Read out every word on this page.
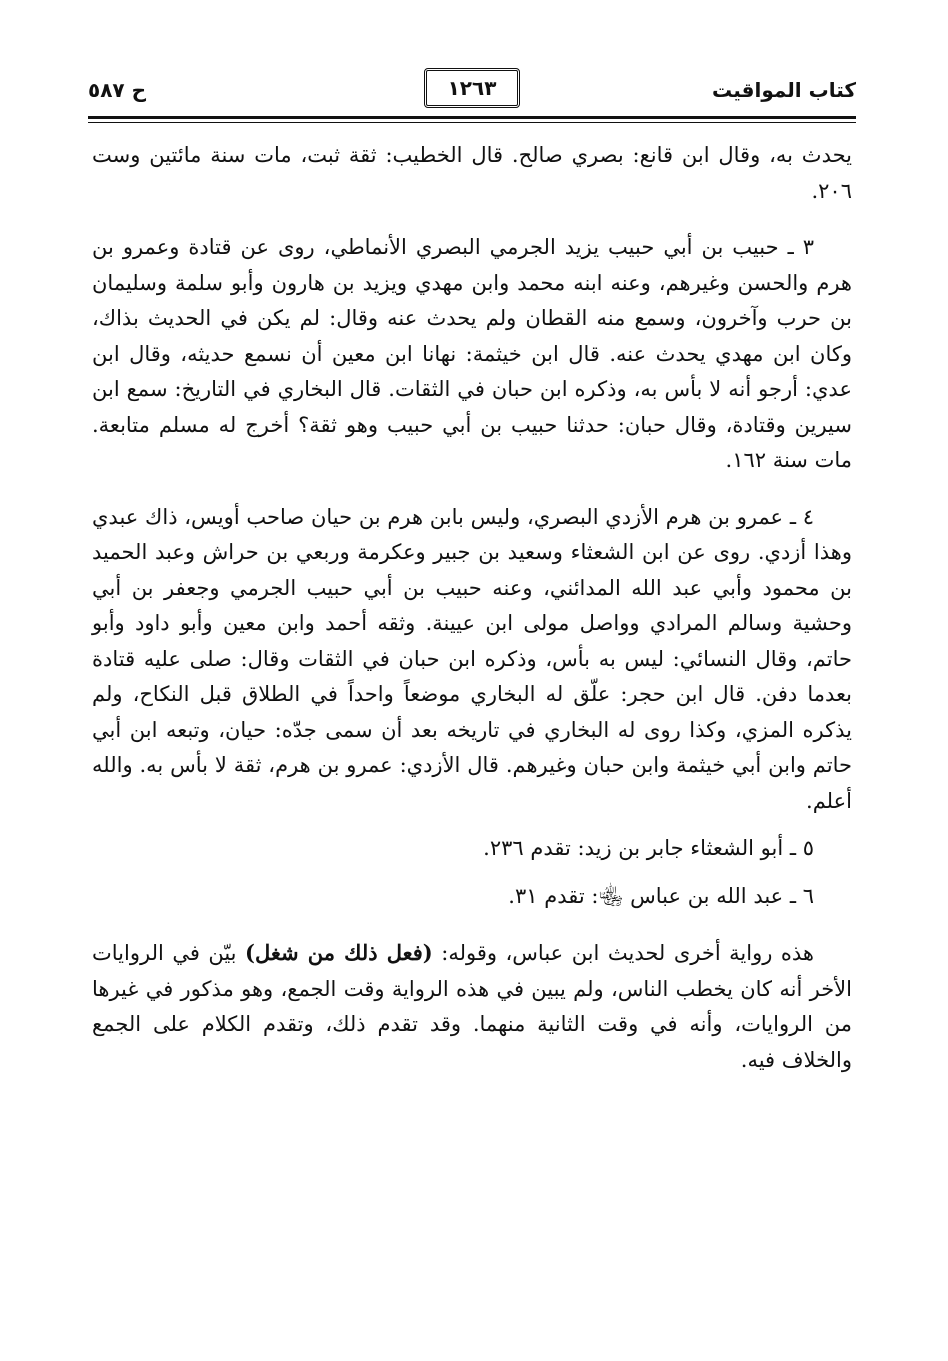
كتاب المواقيت
١٢٦٣
ح ٥٨٧

يحدث به، وقال ابن قانع: بصري صالح. قال الخطيب: ثقة ثبت، مات سنة مائتين وست ٢٠٦.

٣ ـ حبيب بن أبي حبيب يزيد الجرمي البصري الأنماطي، روى عن قتادة وعمرو بن هرم والحسن وغيرهم، وعنه ابنه محمد وابن مهدي ويزيد بن هارون وأبو سلمة وسليمان بن حرب وآخرون، وسمع منه القطان ولم يحدث عنه وقال: لم يكن في الحديث بذاك، وكان ابن مهدي يحدث عنه. قال ابن خيثمة: نهانا ابن معين أن نسمع حديثه، وقال ابن عدي: أرجو أنه لا بأس به، وذكره ابن حبان في الثقات. قال البخاري في التاريخ: سمع ابن سيرين وقتادة، وقال حبان: حدثنا حبيب بن أبي حبيب وهو ثقة؟ أخرج له مسلم متابعة. مات سنة ١٦٢.

٤ ـ عمرو بن هرم الأزدي البصري، وليس بابن هرم بن حيان صاحب أويس، ذاك عبدي وهذا أزدي. روى عن ابن الشعثاء وسعيد بن جبير وعكرمة وربعي بن حراش وعبد الحميد بن محمود وأبي عبد الله المدائني، وعنه حبيب بن أبي حبيب الجرمي وجعفر بن أبي وحشية وسالم المرادي وواصل مولى ابن عيينة. وثقه أحمد وابن معين وأبو داود وأبو حاتم، وقال النسائي: ليس به بأس، وذكره ابن حبان في الثقات وقال: صلى عليه قتادة بعدما دفن. قال ابن حجر: علّق له البخاري موضعاً واحداً في الطلاق قبل النكاح، ولم يذكره المزي، وكذا روى له البخاري في تاريخه بعد أن سمى جدّه: حيان، وتبعه ابن أبي حاتم وابن أبي خيثمة وابن حبان وغيرهم. قال الأزدي: عمرو بن هرم، ثقة لا بأس به. والله أعلم.

٥ ـ أبو الشعثاء جابر بن زيد: تقدم ٢٣٦.

٦ ـ عبد الله بن عباس ﵄: تقدم ٣١.

هذه رواية أخرى لحديث ابن عباس، وقوله: (فعل ذلك من شغل) بيّن في الروايات الأخر أنه كان يخطب الناس، ولم يبين في هذه الرواية وقت الجمع، وهو مذكور في غيرها من الروايات، وأنه في وقت الثانية منهما. وقد تقدم ذلك، وتقدم الكلام على الجمع والخلاف فيه.
